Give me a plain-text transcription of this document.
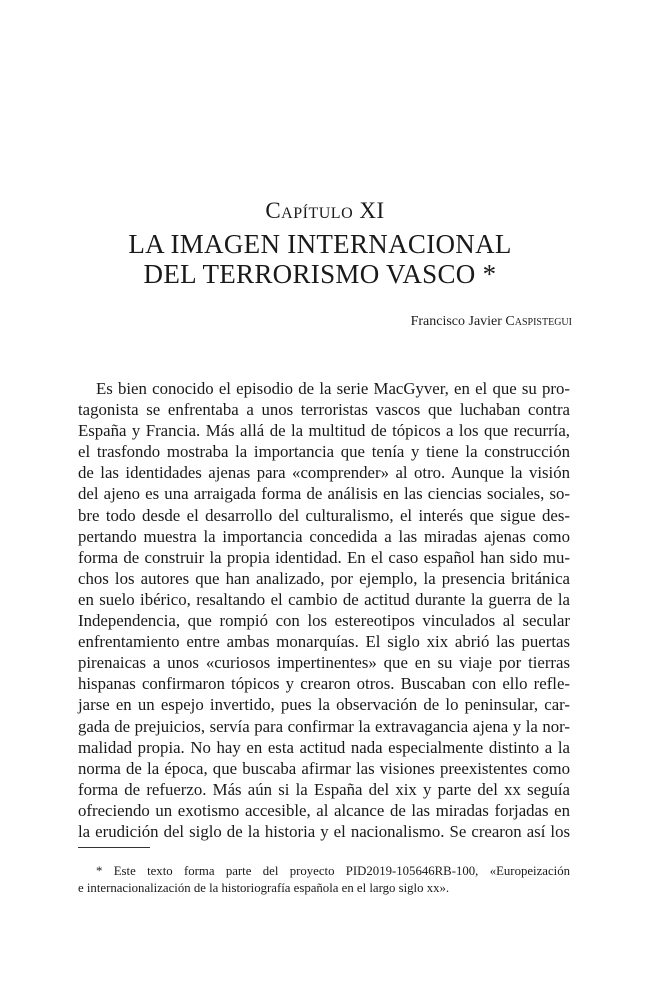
Capítulo XI
LA IMAGEN INTERNACIONAL
DEL TERRORISMO VASCO *
Francisco Javier Caspistegui
Es bien conocido el episodio de la serie MacGyver, en el que su pro-
tagonista se enfrentaba a unos terroristas vascos que luchaban contra
España y Francia. Más allá de la multitud de tópicos a los que recurría,
el trasfondo mostraba la importancia que tenía y tiene la construcción
de las identidades ajenas para «comprender» al otro. Aunque la visión
del ajeno es una arraigada forma de análisis en las ciencias sociales, so-
bre todo desde el desarrollo del culturalismo, el interés que sigue des-
pertando muestra la importancia concedida a las miradas ajenas como
forma de construir la propia identidad. En el caso español han sido mu-
chos los autores que han analizado, por ejemplo, la presencia británica
en suelo ibérico, resaltando el cambio de actitud durante la guerra de la
Independencia, que rompió con los estereotipos vinculados al secular
enfrentamiento entre ambas monarquías. El siglo xix abrió las puertas
pirenaicas a unos «curiosos impertinentes» que en su viaje por tierras
hispanas confirmaron tópicos y crearon otros. Buscaban con ello refle-
jarse en un espejo invertido, pues la observación de lo peninsular, car-
gada de prejuicios, servía para confirmar la extravagancia ajena y la nor-
malidad propia. No hay en esta actitud nada especialmente distinto a la
norma de la época, que buscaba afirmar las visiones preexistentes como
forma de refuerzo. Más aún si la España del xix y parte del xx seguía
ofreciendo un exotismo accesible, al alcance de las miradas forjadas en
la erudición del siglo de la historia y el nacionalismo. Se crearon así los
* Este texto forma parte del proyecto PID2019-105646RB-100, «Europeización
e internacionalización de la historiografía española en el largo siglo xx».
